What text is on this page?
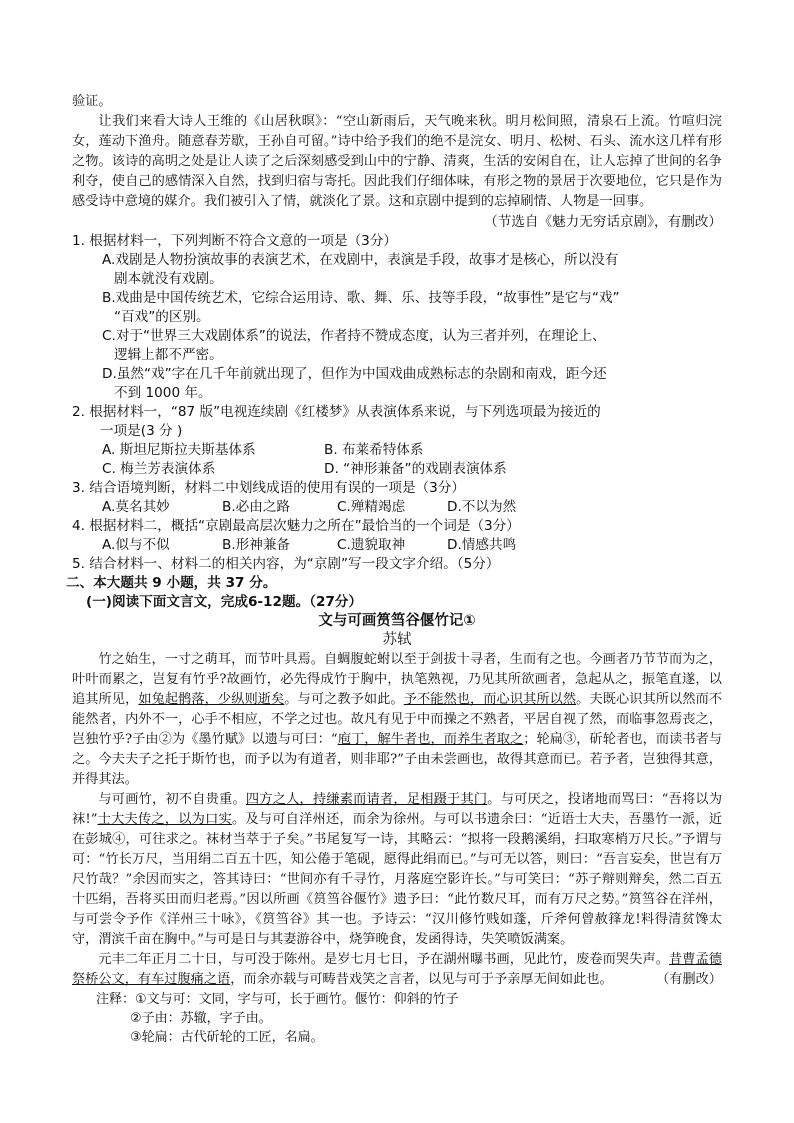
验证。

让我们来看大诗人王维的《山居秋暝》：“空山新雨后，天气晚来秋。明月松间照，清泉石上流。竹喧归浣女，莲动下渔舟。随意春芳歇，王孙自可留。”诗中给予我们的绝不是浣女、明月、松树、石头、流水这几样有形之物。该诗的高明之处是让人读了之后深刻感受到山中的宁静、清爽，生活的安闲自在，让人忘掉了世间的名争利夺，使自己的感情深入自然，找到归宿与寄托。因此我们仔细体味，有形之物的景居于次要地位，它只是作为感受诗中意境的媒介。我们被引入了情，就淡化了景。这和京剧中提到的忘掉刷情、人物是一回事。

（节选自《魅力无穷话京剧》，有删改）

1. 根据材料一，下列判断不符合文意的一项是（3分）

A.戏剧是人物扮演故事的表演艺术，在戏剧中，表演是手段，故事才是核心，所以没有

剧本就没有戏剧。

B.戏曲是中国传统艺术，它综合运用诗、歌、舞、乐、技等手段，“故事性”是它与“戏”

“百戏”的区别。

C.对于“世界三大戏剧体系”的说法，作者持不赞成态度，认为三者并列，在理论上、

逻辑上都不严密。

D.虽然“戏”字在几千年前就出现了，但作为中国戏曲成熟标志的杂剧和南戏，距今还

不到 1000 年。

2. 根据材料一，“87 版”电视连续剧《红楼梦》从表演体系来说，与下列选项最为接近的

一项是(3 分 )

A. 斯坦尼斯拉夫斯基体系	B. 布莱希特体系
C. 梅兰芳表演体系	D. “神形兼备”的戏剧表演体系

3. 结合语境判断，材料二中划线成语的使用有误的一项是（3分）

A.莫名其妙	B.必由之路	C.殚精竭虑	D.不以为然

4. 根据材料二，概括“京剧最高层次魅力之所在”最恰当的一个词是（3分）

A.似与不似	B.形神兼备	C.遗貌取神	D.情感共鸣

5. 结合材料一、材料二的相关内容，为“京剧”写一段文字介绍。（5分）

二、本大题共 9 小题，共 37 分。

(一)阅读下面文言文，完成6-12题。（27分）

文与可画筼筜谷偃竹记①

苏轼

竹之始生，一寸之萌耳，而节叶具焉。自蜩腹蛇蚹以至于剑拔十寻者，生而有之也。今画者乃节节而为之，叶叶而累之，岂复有竹乎?故画竹，必先得成竹于胸中，执笔熟视，乃见其所欲画者，急起从之，振笔直遂，以追其所见，如兔起鹘落，少纵则逝矣。与可之教予如此。予不能然也，而心识其所以然。夫既心识其所以然而不能然者，内外不一，心手不相应，不学之过也。故凡有见于中而操之不熟者，平居自视了然，而临事忽焉丧之，岂独竹乎?子由②为《墨竹赋》以遗与可曰：“庖丁，解牛者也，而养生者取之；轮扁③，斫轮者也，而读书者与之。今夫夫子之托于斯竹也，而予以为有道者，则非耶?”子由未尝画也，故得其意而已。若予者，岂独得其意，并得其法。

与可画竹，初不自贵重。四方之人，持缣素而请者，足相蹑于其门。与可厌之，投诸地而骂曰：“吾将以为袜!”士大夫传之，以为口实。及与可自洋州还，而余为徐州。与可以书遗余曰：“近语士大夫，吾墨竹一派，近在彭城④，可往求之。袜材当萃于子矣。”书尾复写一诗，其略云：“拟将一段鹅溪绢，扫取寒梢万尺长。”予谓与可：“竹长万尺，当用绢二百五十匹，知公倦于笔砚，愿得此绢而已。”与可无以答，则曰：“吾言妄矣，世岂有万尺竹哉？”余因而实之，答其诗曰：“世间亦有千寻竹，月落庭空影许长。”与可笑曰：“苏子辩则辩矣，然二百五十匹绢，吾将买田而归老焉。”因以所画《筼筜谷偃竹》遗予曰：“此竹数尺耳，而有万尺之势。”筼筜谷在洋州，与可尝令予作《洋州三十咏》，《筼筜谷》其一也。予诗云：“汉川修竹贱如蓬，斤斧何曾赦箨龙!料得清贫馋太守，渭滨千亩在胸中。”与可是日与其妻游谷中，烧笋晚食，发函得诗，失笑喷饭满案。

元丰二年正月二十日，与可没于陈州。是岁七月七日，予在湖州曝书画，见此竹，废卷而哭失声。昔曹孟德祭桥公文，有车过腹痛之语，而余亦载与可畴昔戏笑之言者，以见与可于予亲厚无间如此也。	（有删改）

注释：①文与可：文同，字与可，长于画竹。偃竹：仰斜的竹子

②子由：苏辙，字子由。

③轮扁：古代斫轮的工匠，名扁。
